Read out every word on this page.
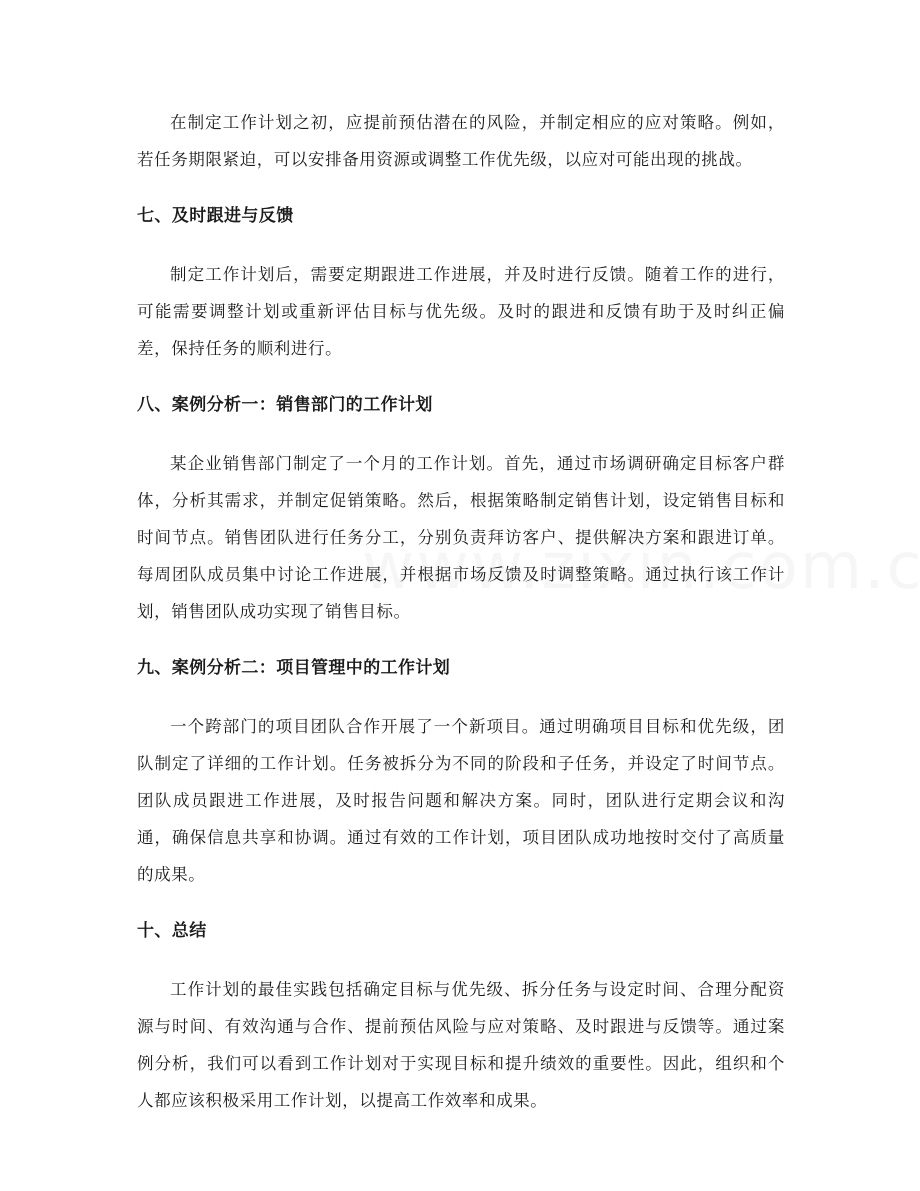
在制定工作计划之初，应提前预估潜在的风险，并制定相应的应对策略。例如，若任务期限紧迫，可以安排备用资源或调整工作优先级，以应对可能出现的挑战。

七、及时跟进与反馈

制定工作计划后，需要定期跟进工作进展，并及时进行反馈。随着工作的进行，可能需要调整计划或重新评估目标与优先级。及时的跟进和反馈有助于及时纠正偏差，保持任务的顺利进行。

八、案例分析一：销售部门的工作计划

某企业销售部门制定了一个月的工作计划。首先，通过市场调研确定目标客户群体，分析其需求，并制定促销策略。然后，根据策略制定销售计划，设定销售目标和时间节点。销售团队进行任务分工，分别负责拜访客户、提供解决方案和跟进订单。每周团队成员集中讨论工作进展，并根据市场反馈及时调整策略。通过执行该工作计划，销售团队成功实现了销售目标。

九、案例分析二：项目管理中的工作计划

一个跨部门的项目团队合作开展了一个新项目。通过明确项目目标和优先级，团队制定了详细的工作计划。任务被拆分为不同的阶段和子任务，并设定了时间节点。团队成员跟进工作进展，及时报告问题和解决方案。同时，团队进行定期会议和沟通，确保信息共享和协调。通过有效的工作计划，项目团队成功地按时交付了高质量的成果。

十、总结

工作计划的最佳实践包括确定目标与优先级、拆分任务与设定时间、合理分配资源与时间、有效沟通与合作、提前预估风险与应对策略、及时跟进与反馈等。通过案例分析，我们可以看到工作计划对于实现目标和提升绩效的重要性。因此，组织和个人都应该积极采用工作计划，以提高工作效率和成果。
